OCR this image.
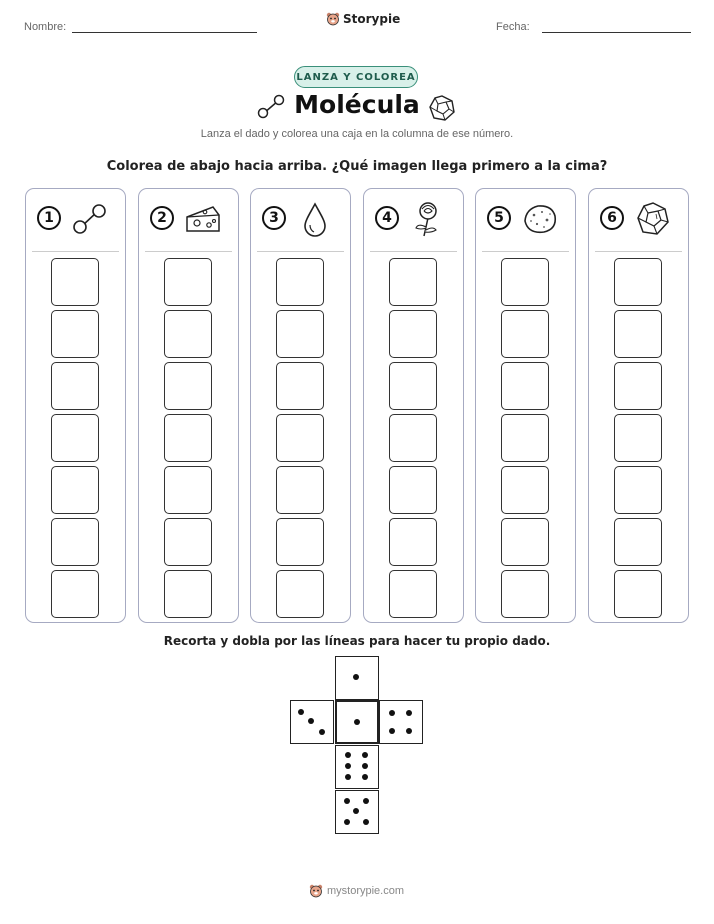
Nombre:
Storypie
Fecha:
LANZA Y COLOREA
Molécula
Lanza el dado y colorea una caja en la columna de ese número.
Colorea de abajo hacia arriba. ¿Qué imagen llega primero a la cima?
1	2	3	4	5	6
Recorta y dobla por las líneas para hacer tu propio dado.
mystorypie.com
